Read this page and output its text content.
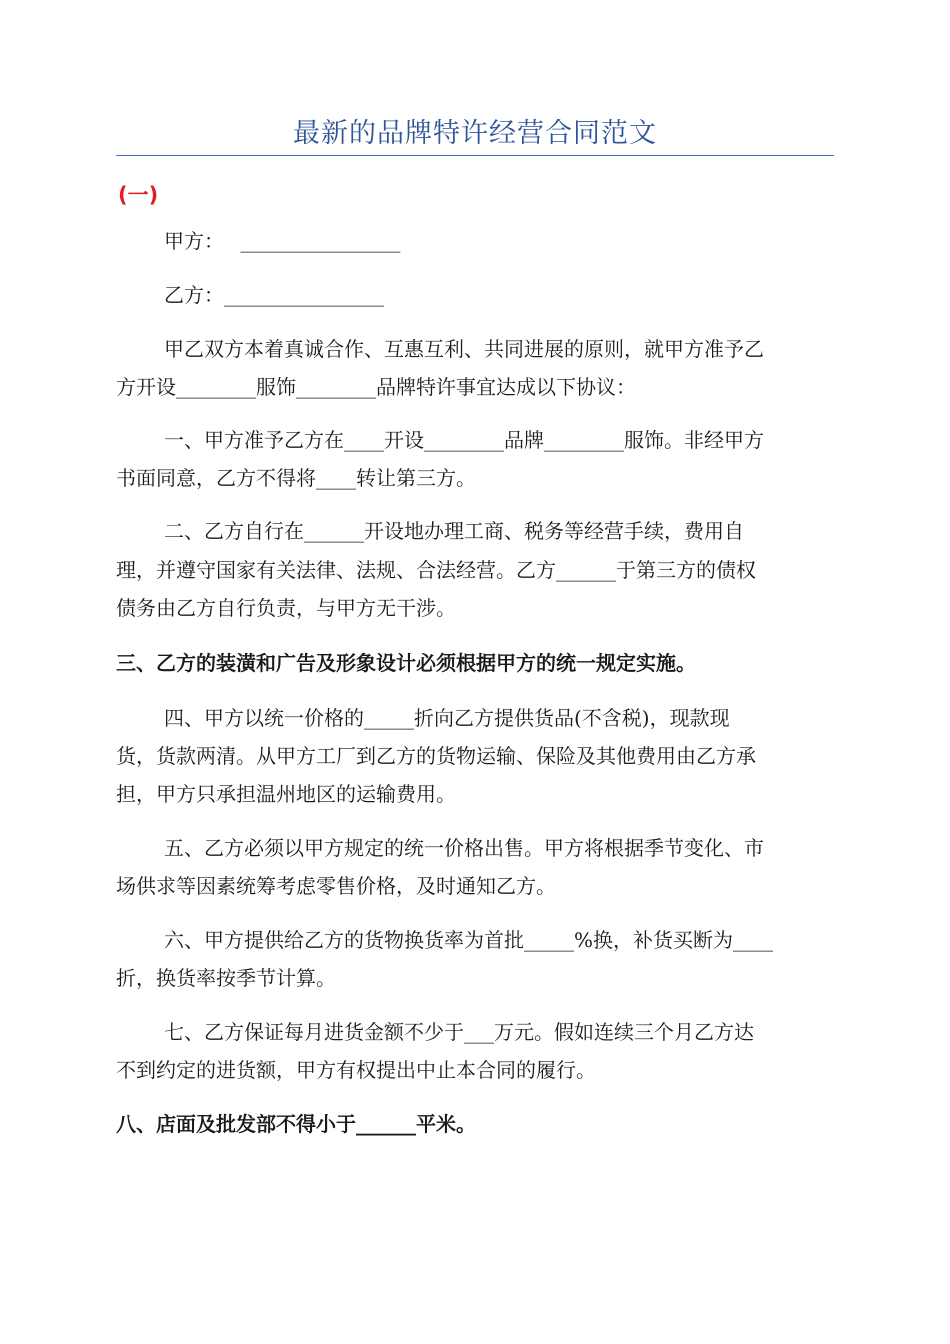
最新的品牌特许经营合同范文
(一)
甲方：　 ________________
乙方：________________
甲乙双方本着真诚合作、互惠互利、共同进展的原则，就甲方准予乙
方开设________服饰________品牌特许事宜达成以下协议：
一、甲方准予乙方在____开设________品牌________服饰。非经甲方
书面同意，乙方不得将____转让第三方。
二、乙方自行在______开设地办理工商、税务等经营手续，费用自
理，并遵守国家有关法律、法规、合法经营。乙方______于第三方的债权
债务由乙方自行负责，与甲方无干涉。
三、乙方的装潢和广告及形象设计必须根据甲方的统一规定实施。
四、甲方以统一价格的_____折向乙方提供货品(不含税)，现款现
货，货款两清。从甲方工厂到乙方的货物运输、保险及其他费用由乙方承
担，甲方只承担温州地区的运输费用。
五、乙方必须以甲方规定的统一价格出售。甲方将根据季节变化、市
场供求等因素统筹考虑零售价格，及时通知乙方。
六、甲方提供给乙方的货物换货率为首批_____%换，补货买断为____
折，换货率按季节计算。
七、乙方保证每月进货金额不少于___万元。假如连续三个月乙方达
不到约定的进货额，甲方有权提出中止本合同的履行。
八、店面及批发部不得小于______平米。
